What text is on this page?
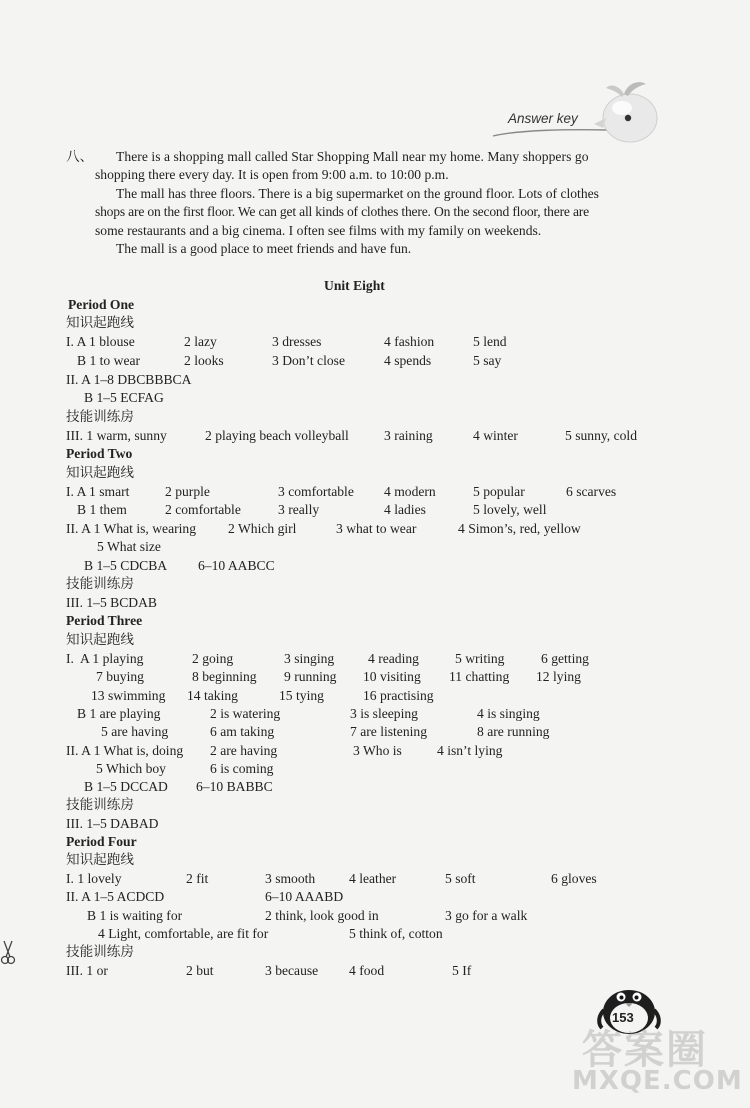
Answer key
八、 There is a shopping mall called Star Shopping Mall near my home. Many shoppers go
shopping there every day. It is open from 9:00 a.m. to 10:00 p.m.
The mall has three floors. There is a big supermarket on the ground floor. Lots of clothes
shops are on the first floor. We can get all kinds of clothes there. On the second floor, there are
some restaurants and a big cinema. I often see films with my family on weekends.
The mall is a good place to meet friends and have fun.
Unit Eight
Period One
知识起跑线
I. A 1 blouse	2 lazy	3 dresses	4 fashion	5 lend
B 1 to wear	2 looks	3 Don’t close	4 spends	5 say
II. A 1–8 DBCBBBCA
B 1–5 ECFAG
技能训练房
III. 1 warm, sunny	2 playing beach volleyball	3 raining	4 winter	5 sunny, cold
Period Two
知识起跑线
I. A 1 smart	2 purple	3 comfortable 4 modern	5 popular	6 scarves
B 1 them	2 comfortable	3 really	4 ladies	5 lovely, well
II. A 1 What is, wearing 2 Which girl	3 what to wear	4 Simon’s, red, yellow
5 What size
B 1–5 CDCBA 6–10 AABCC
技能训练房
III. 1–5 BCDAB
Period Three
知识起跑线
I.  A 1 playing	2 going	3 singing 4 reading	5 writing	6 getting
7 buying	8 beginning 9 running 10 visiting 11 chatting 12 lying
13 swimming 14 taking	15 tying	16 practising
B 1 are playing	2 is watering	3 is sleeping	4 is singing
5 are having	6 am taking	7 are listening	8 are running
II. A 1 What is, doing 2 are having	3 Who is	4 isn’t lying
5 Which boy	6 is coming
B 1–5 DCCAD 6–10 BABBC
技能训练房
III. 1–5 DABAD
Period Four
知识起跑线
I. 1 lovely	2 fit	3 smooth 4 leather	5 soft	6 gloves
II. A 1–5 ACDCD	6–10 AAABD
B 1 is waiting for	2 think, look good in	3 go for a walk
4 Light, comfortable, are fit for	5 think of, cotton
技能训练房
III. 1 or	2 but	3 because 4 food	5 If
153
答案圈
MXQE.COM
